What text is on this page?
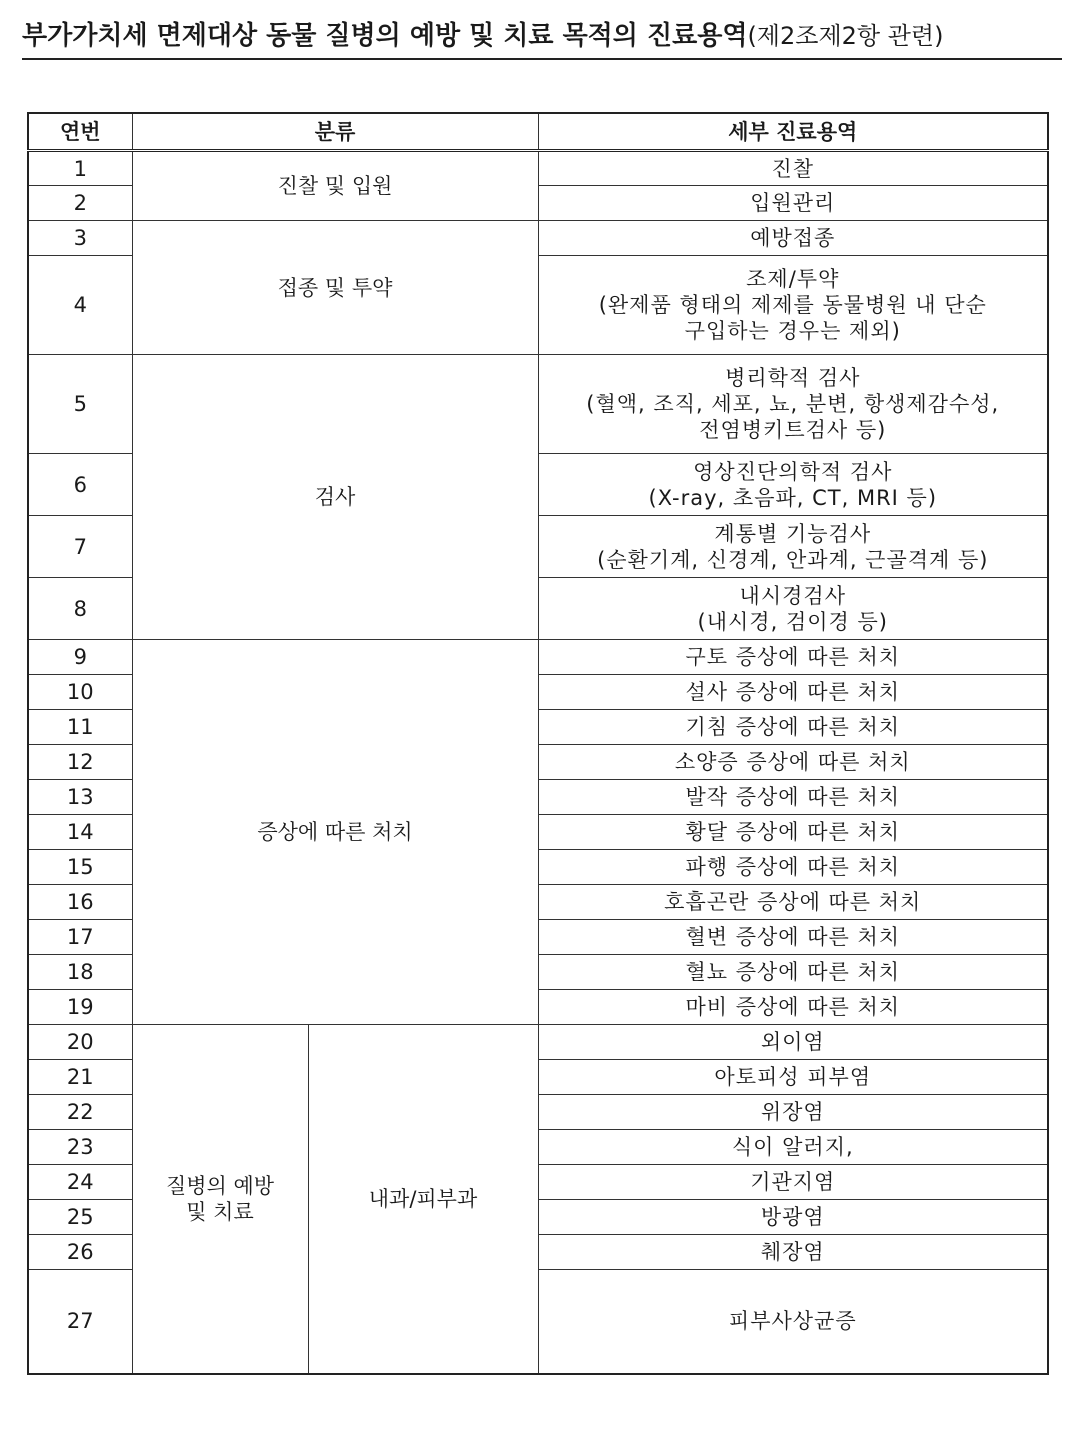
부가가치세 면제대상 동물 질병의 예방 및 치료 목적의 진료용역(제2조제2항 관련)
연번	분류		세부 진료용역
1	진찰 및 입원		진찰

2			입원관리

3	접종 및 투약		예방접종

4			조제/투약
(완제품 형태의 제제를 동물병원 내 단순
구입하는 경우는 제외)

5	검사		병리학적 검사
(혈액, 조직, 세포, 뇨, 분변, 항생제감수성,
전염병키트검사 등)

6			영상진단의학적 검사
(X-ray, 초음파, CT, MRI 등)

7			계통별 기능검사
(순환기계, 신경계, 안과계, 근골격계 등)

8			내시경검사
(내시경, 검이경 등)

9	증상에 따른 처치		구토 증상에 따른 처치

10			설사 증상에 따른 처치

11			기침 증상에 따른 처치

12			소양증 증상에 따른 처치

13			발작 증상에 따른 처치

14			황달 증상에 따른 처치

15			파행 증상에 따른 처치

16			호흡곤란 증상에 따른 처치

17			혈변 증상에 따른 처치

18			혈뇨 증상에 따른 처치

19			마비 증상에 따른 처치

20	질병의 예방
및 치료	내과/피부과	외이염

21			아토피성 피부염

22			위장염

23			식이 알러지,

24			기관지염

25			방광염

26			췌장염

27			피부사상균증
